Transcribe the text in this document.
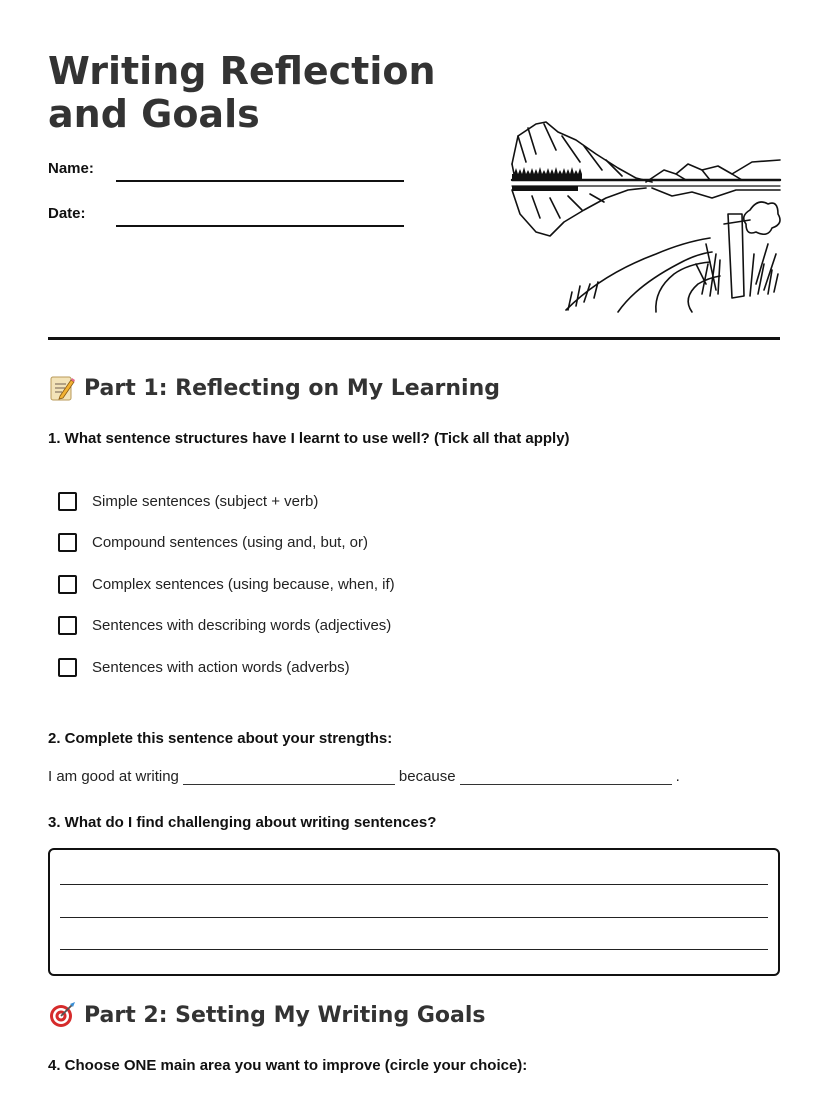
Writing Reflection and Goals
Name:
Date:
Part 1: Reflecting on My Learning

1. What sentence structures have I learnt to use well? (Tick all that apply)

Simple sentences (subject + verb)
Compound sentences (using and, but, or)
Complex sentences (using because, when, if)
Sentences with describing words (adjectives)
Sentences with action words (adverbs)

2. Complete this sentence about your strengths:

I am good at writing	because	.

3. What do I find challenging about writing sentences?

Part 2: Setting My Writing Goals

4. Choose ONE main area you want to improve (circle your choice):
